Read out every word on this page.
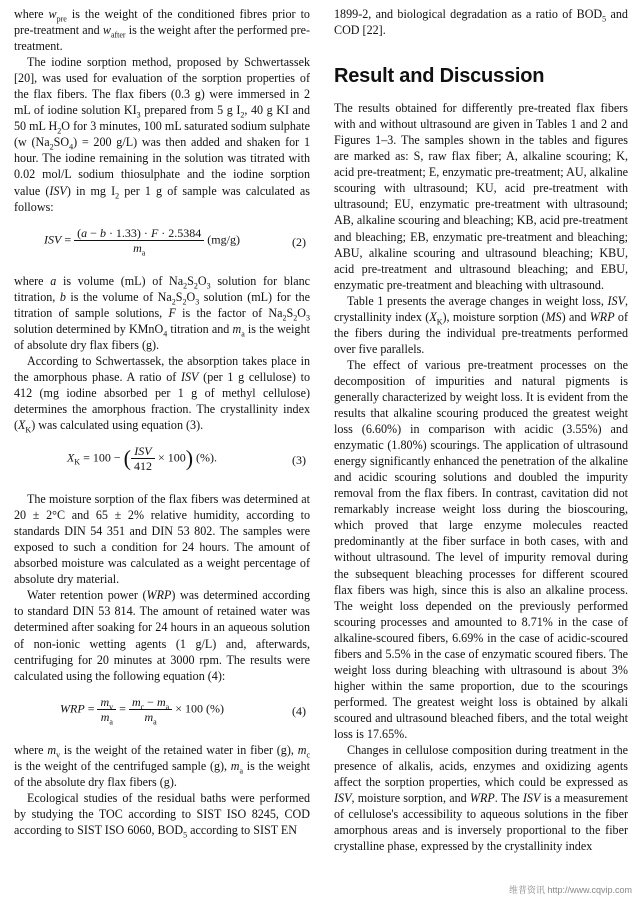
where $w_{pre}$ is the weight of the conditioned fibres prior to pre-treatment and $w_{after}$ is the weight after the performed pre-treatment.

The iodine sorption method, proposed by Schwertassek [20], was used for evaluation of the sorption properties of the flax fibers. The flax fibers (0.3 g) were immersed in 2 mL of iodine solution $KI_3$ prepared from 5 g $I_2$, 40 g KI and 50 mL $H_2O$ for 3 minutes, 100 mL saturated sodium sulphate (w $(Na_2SO_4) = 200$ g/L) was then added and shaken for 1 hour. The iodine remaining in the solution was titrated with 0.02 mol/L sodium thiosulphate and the iodine sorption value (ISV) in mg $I_2$ per 1 g of sample was calculated as follows:

ISV = $\frac{(a - b \cdot 1.33) \cdot F \cdot 2.5384}{m_a} (mg/g)$	(2)

where a is volume (mL) of $Na_2S_2O_3$ solution for blanc titration, b is the volume of $Na_2S_2O_3$ solution (mL) for the titration of sample solutions, F is the factor of $Na_2S_2O_3$ solution determined by KMnO$_4$ titration and $m_a$ is the weight of absolute dry flax fibers (g).

According to Schwertassek, the absorption takes place in the amorphous phase. A ratio of ISV (per 1 g cellulose) to 412 (mg iodine absorbed per 1 g of methyl cellulose) determines the amorphous fraction. The crystallinity index $(X_K)$ was calculated using equation (3).

$X_K = 100$ − ( $\frac{\text{ISV}}{412} \times 100$) (%).	(3)

The moisture sorption of the flax fibers was determined at 20 ± 2°C and 65 ± 2% relative humidity, according to standards DIN 54 351 and DIN 53 802. The samples were exposed to such a condition for 24 hours. The amount of absorbed moisture was calculated as a weight percentage of absolute dry material.

Water retention power (WRP) was determined according to standard DIN 53 814. The amount of retained water was determined after soaking for 24 hours in an aqueous solution of non-ionic wetting agents (1 g/L) and, afterwards, centrifuging for 20 minutes at 3000 rpm. The results were calculated using the following equation (4):

WRP = $\frac{m_v}{m_a} = \frac{m_c - m_a}{m_a} \times 100$ (%)	(4)

where $m_v$ is the weight of the retained water in fiber (g), $m_c$ is the weight of the centrifuged sample (g), $m_a$ is the weight of the absolute dry flax fibers (g).

Ecological studies of the residual baths were performed by studying the TOC according to SIST ISO 8245, COD according to SIST ISO 6060, $BOD_5$ according to SIST EN

1899-2, and biological degradation as a ratio of $BOD_5$ and COD [22].

Result and Discussion

The results obtained for differently pre-treated flax fibers with and without ultrasound are given in Tables 1 and 2 and Figures 1–3. The samples shown in the tables and figures are marked as: S, raw flax fiber; A, alkaline scouring; K, acid pre-treatment; E, enzymatic pre-treatment; AU, alkaline scouring with ultrasound; KU, acid pre-treatment with ultrasound; EU, enzymatic pre-treatment with ultrasound; AB, alkaline scouring and bleaching; KB, acid pre-treatment and bleaching; EB, enzymatic pre-treatment and bleaching; ABU, alkaline scouring and ultrasound bleaching; KBU, acid pre-treatment and ultrasound bleaching; and EBU, enzymatic pre-treatment and bleaching with ultrasound.

Table 1 presents the average changes in weight loss, ISV, crystallinity index $(X_K)$, moisture sorption (MS) and WRP of the fibers during the individual pre-treatments performed over five parallels.

The effect of various pre-treatment processes on the decomposition of impurities and natural pigments is generally characterized by weight loss. It is evident from the results that alkaline scouring produced the greatest weight loss (6.60%) in comparison with acidic (3.55%) and enzymatic (1.80%) scourings. The application of ultrasound energy significantly enhanced the penetration of the alkaline and acidic scouring solutions and doubled the impurity removal from the flax fibers. In contrast, cavitation did not remarkably increase weight loss during the bioscouring, which proved that large enzyme molecules reacted predominantly at the fiber surface in both cases, with and without ultrasound. The level of impurity removal during the subsequent bleaching processes for different scoured flax fibers was high, since this is also an alkaline process. The weight loss depended on the previously performed scouring processes and amounted to 8.71% in the case of alkaline-scoured fibers, 6.69% in the case of acidic-scoured fibers and 5.5% in the case of enzymatic scoured fibers. The weight loss during bleaching with ultrasound is about 3% higher within the same proportion, due to the scourings performed. The greatest weight loss is obtained by alkali scoured and ultrasound bleached fibers, and the total weight loss is 17.65%.

Changes in cellulose composition during treatment in the presence of alkalis, acids, enzymes and oxidizing agents affect the sorption properties, which could be expressed as ISV, moisture sorption, and WRP. The ISV is a measurement of cellulose's accessibility to aqueous solutions in the fiber amorphous areas and is inversely proportional to the fiber crystalline phase, expressed by the crystallinity index

维普资讯 http://www.cqvip.com
